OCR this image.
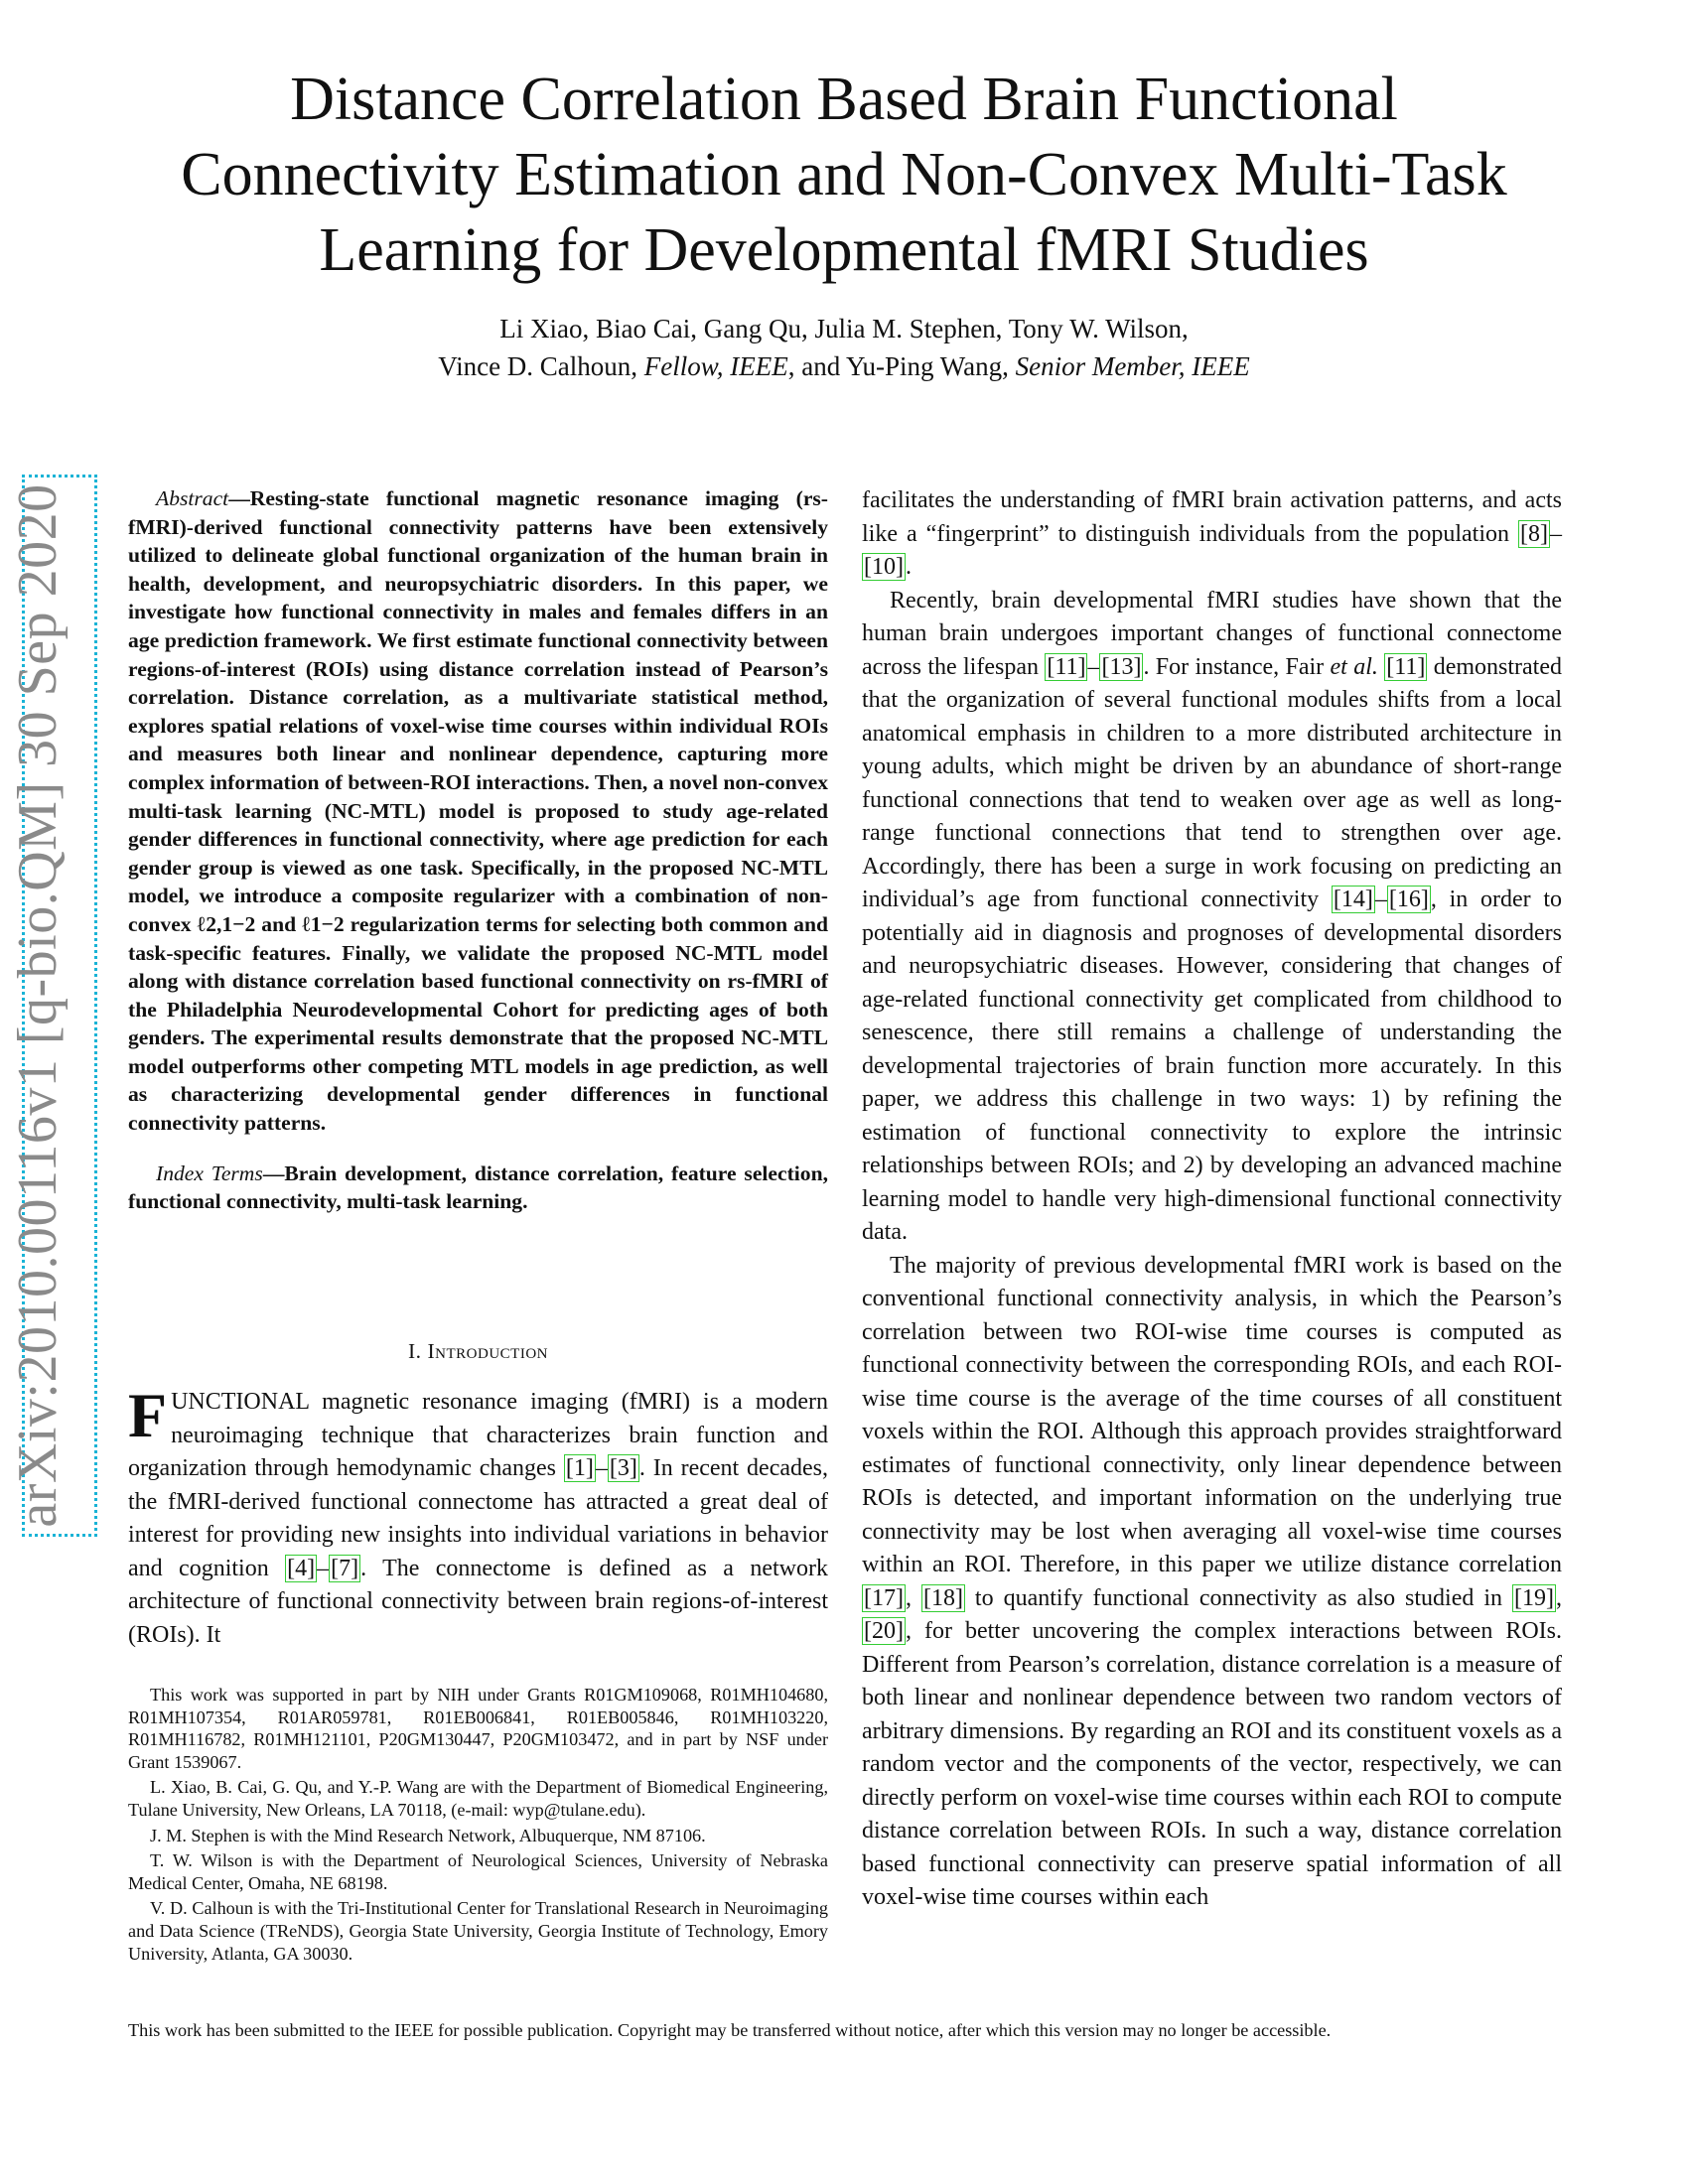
arXiv:2010.00116v1 [q-bio.QM] 30 Sep 2020
Distance Correlation Based Brain Functional
Connectivity Estimation and Non-Convex Multi-Task
Learning for Developmental fMRI Studies
Li Xiao, Biao Cai, Gang Qu, Julia M. Stephen, Tony W. Wilson,
Vince D. Calhoun, Fellow, IEEE, and Yu-Ping Wang, Senior Member, IEEE

Abstract—Resting-state functional magnetic resonance imaging (rs-fMRI)-derived functional connectivity patterns have been extensively utilized to delineate global functional organization of the human brain in health, development, and neuropsychiatric disorders. In this paper, we investigate how functional connectivity in males and females differs in an age prediction framework. We first estimate functional connectivity between regions-of-interest (ROIs) using distance correlation instead of Pearson’s correlation. Distance correlation, as a multivariate statistical method, explores spatial relations of voxel-wise time courses within individual ROIs and measures both linear and nonlinear dependence, capturing more complex information of between-ROI interactions. Then, a novel non-convex multi-task learning (NC-MTL) model is proposed to study age-related gender differences in functional connectivity, where age prediction for each gender group is viewed as one task. Specifically, in the proposed NC-MTL model, we introduce a composite regularizer with a combination of non-convex ℓ2,1−2 and ℓ1−2 regularization terms for selecting both common and task-specific features. Finally, we validate the proposed NC-MTL model along with distance correlation based functional connectivity on rs-fMRI of the Philadelphia Neurodevelopmental Cohort for predicting ages of both genders. The experimental results demonstrate that the proposed NC-MTL model outperforms other competing MTL models in age prediction, as well as characterizing developmental gender differences in functional connectivity patterns.

Index Terms—Brain development, distance correlation, feature selection, functional connectivity, multi-task learning.

I. Introduction

FUNCTIONAL magnetic resonance imaging (fMRI) is a modern neuroimaging technique that characterizes brain function and organization through hemodynamic changes [1]–[3]. In recent decades, the fMRI-derived functional connectome has attracted a great deal of interest for providing new insights into individual variations in behavior and cognition [4]–[7]. The connectome is defined as a network architecture of functional connectivity between brain regions-of-interest (ROIs). It

This work was supported in part by NIH under Grants R01GM109068, R01MH104680, R01MH107354, R01AR059781, R01EB006841, R01EB005846, R01MH103220, R01MH116782, R01MH121101, P20GM130447, P20GM103472, and in part by NSF under Grant 1539067.

L. Xiao, B. Cai, G. Qu, and Y.-P. Wang are with the Department of Biomedical Engineering, Tulane University, New Orleans, LA 70118, (e-mail: wyp@tulane.edu).

J. M. Stephen is with the Mind Research Network, Albuquerque, NM 87106.

T. W. Wilson is with the Department of Neurological Sciences, University of Nebraska Medical Center, Omaha, NE 68198.

V. D. Calhoun is with the Tri-Institutional Center for Translational Research in Neuroimaging and Data Science (TReNDS), Georgia State University, Georgia Institute of Technology, Emory University, Atlanta, GA 30030.

facilitates the understanding of fMRI brain activation patterns, and acts like a “fingerprint” to distinguish individuals from the population [8]–[10].

Recently, brain developmental fMRI studies have shown that the human brain undergoes important changes of functional connectome across the lifespan [11]–[13]. For instance, Fair et al. [11] demonstrated that the organization of several functional modules shifts from a local anatomical emphasis in children to a more distributed architecture in young adults, which might be driven by an abundance of short-range functional connections that tend to weaken over age as well as long-range functional connections that tend to strengthen over age. Accordingly, there has been a surge in work focusing on predicting an individual’s age from functional connectivity [14]–[16], in order to potentially aid in diagnosis and prognoses of developmental disorders and neuropsychiatric diseases. However, considering that changes of age-related functional connectivity get complicated from childhood to senescence, there still remains a challenge of understanding the developmental trajectories of brain function more accurately. In this paper, we address this challenge in two ways: 1) by refining the estimation of functional connectivity to explore the intrinsic relationships between ROIs; and 2) by developing an advanced machine learning model to handle very high-dimensional functional connectivity data.

The majority of previous developmental fMRI work is based on the conventional functional connectivity analysis, in which the Pearson’s correlation between two ROI-wise time courses is computed as functional connectivity between the corresponding ROIs, and each ROI-wise time course is the average of the time courses of all constituent voxels within the ROI. Although this approach provides straightforward estimates of functional connectivity, only linear dependence between ROIs is detected, and important information on the underlying true connectivity may be lost when averaging all voxel-wise time courses within an ROI. Therefore, in this paper we utilize distance correlation [17], [18] to quantify functional connectivity as also studied in [19], [20], for better uncovering the complex interactions between ROIs. Different from Pearson’s correlation, distance correlation is a measure of both linear and nonlinear dependence between two random vectors of arbitrary dimensions. By regarding an ROI and its constituent voxels as a random vector and the components of the vector, respectively, we can directly perform on voxel-wise time courses within each ROI to compute distance correlation between ROIs. In such a way, distance correlation based functional connectivity can preserve spatial information of all voxel-wise time courses within each

This work has been submitted to the IEEE for possible publication. Copyright may be transferred without notice, after which this version may no longer be accessible.
